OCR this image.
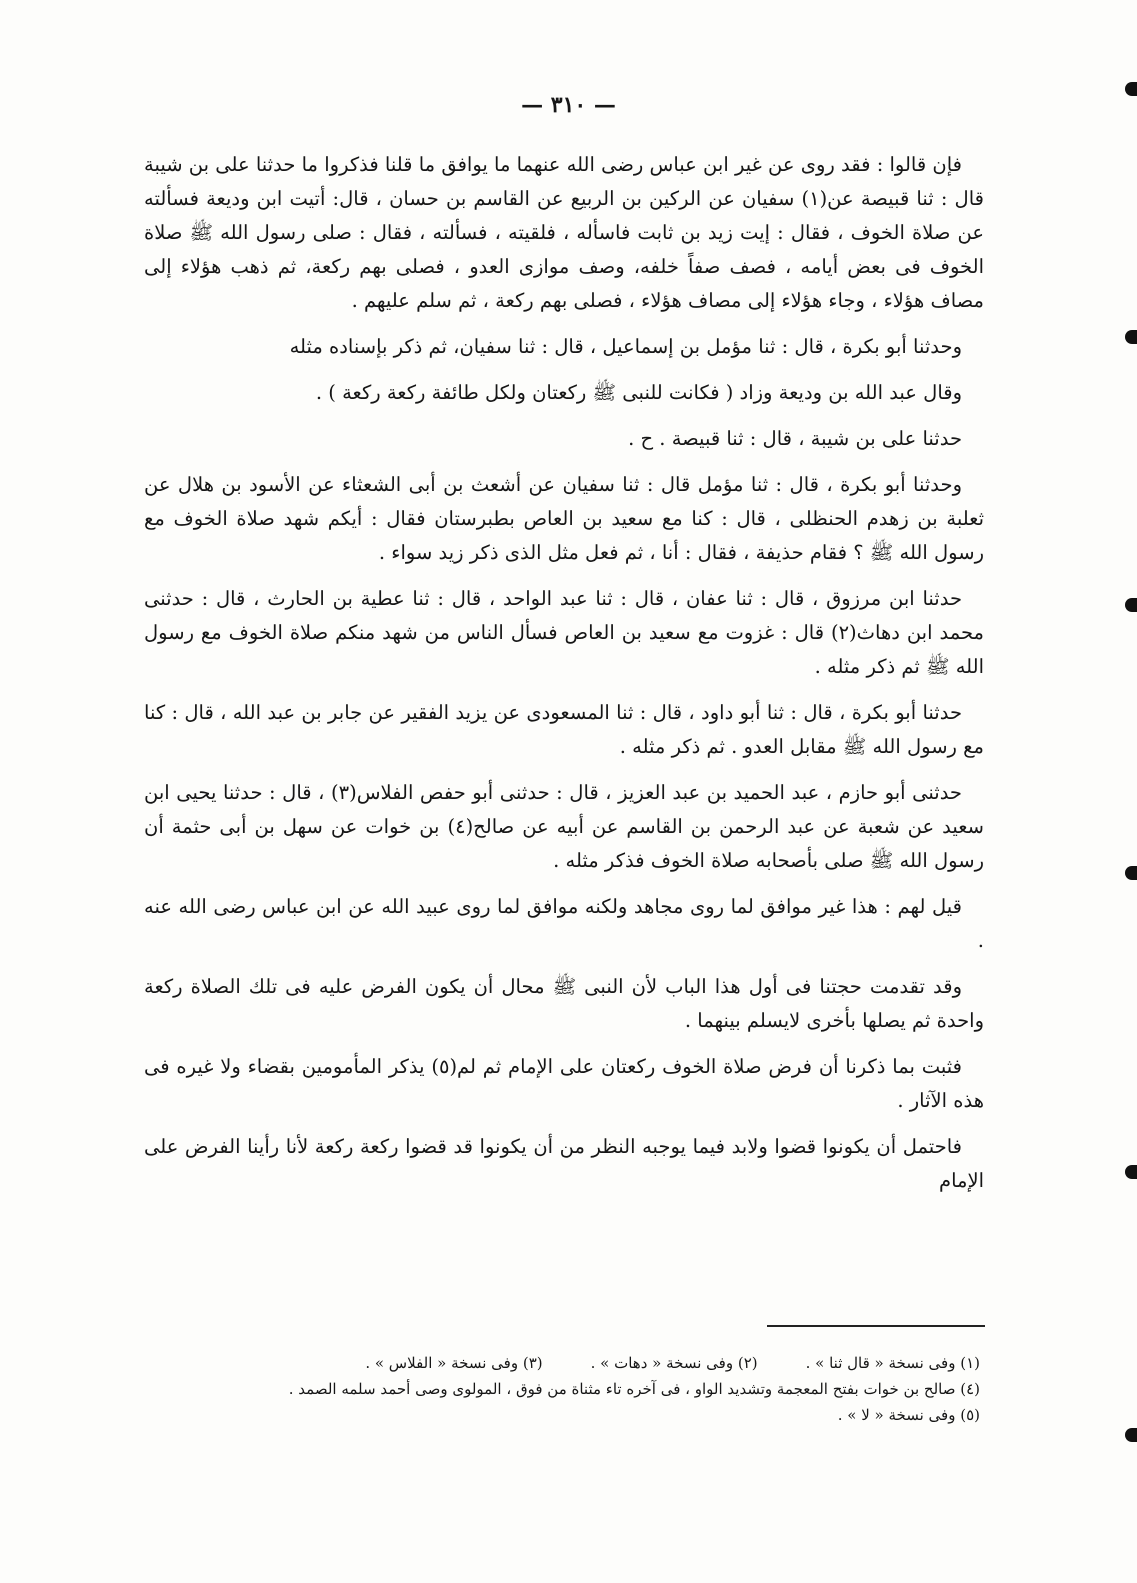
— ٣١٠ —

فإن قالوا : فقد روى عن غير ابن عباس رضى الله عنهما ما يوافق ما قلنا فذكروا ما حدثنا على بن شيبة قال : ثنا قبيصة عن(١) سفيان عن الركين بن الربيع عن القاسم بن حسان ، قال: أتيت ابن وديعة فسألته عن صلاة الخوف ، فقال : إيت زيد بن ثابت فاسأله ، فلقيته ، فسألته ، فقال : صلى رسول الله ﷺ صلاة الخوف فى بعض أيامه ، فصف صفاً خلفه، وصف موازى العدو ، فصلى بهم ركعة، ثم ذهب هؤلاء إلى مصاف هؤلاء ، وجاء هؤلاء إلى مصاف هؤلاء ، فصلى بهم ركعة ، ثم سلم عليهم .

وحدثنا أبو بكرة ، قال : ثنا مؤمل بن إسماعيل ، قال : ثنا سفيان، ثم ذكر بإسناده مثله

وقال عبد الله بن وديعة وزاد ( فكانت للنبى ﷺ ركعتان ولكل طائفة ركعة ركعة ) .

حدثنا على بن شيبة ، قال : ثنا قبيصة . ح .

وحدثنا أبو بكرة ، قال : ثنا مؤمل قال : ثنا سفيان عن أشعث بن أبى الشعثاء عن الأسود بن هلال عن ثعلبة بن زهدم الحنظلى ، قال : كنا مع سعيد بن العاص بطبرستان فقال : أيكم شهد صلاة الخوف مع رسول الله ﷺ ؟ فقام حذيفة ، فقال : أنا ، ثم فعل مثل الذى ذكر زيد سواء .

حدثنا ابن مرزوق ، قال : ثنا عفان ، قال : ثنا عبد الواحد ، قال : ثنا عطية بن الحارث ، قال : حدثنى محمد ابن دهاث(٢) قال : غزوت مع سعيد بن العاص فسأل الناس من شهد منكم صلاة الخوف مع رسول الله ﷺ ثم ذكر مثله .

حدثنا أبو بكرة ، قال : ثنا أبو داود ، قال : ثنا المسعودى عن يزيد الفقير عن جابر بن عبد الله ، قال : كنا مع رسول الله ﷺ مقابل العدو . ثم ذكر مثله .

حدثنى أبو حازم ، عبد الحميد بن عبد العزيز ، قال : حدثنى أبو حفص الفلاس(٣) ، قال : حدثنا يحيى ابن سعيد عن شعبة عن عبد الرحمن بن القاسم عن أبيه عن صالح(٤) بن خوات عن سهل بن أبى حثمة أن رسول الله ﷺ صلى بأصحابه صلاة الخوف فذكر مثله .

قيل لهم : هذا غير موافق لما روى مجاهد ولكنه موافق لما روى عبيد الله عن ابن عباس رضى الله عنه .

وقد تقدمت حجتنا فى أول هذا الباب لأن النبى ﷺ محال أن يكون الفرض عليه فى تلك الصلاة ركعة واحدة ثم يصلها بأخرى لايسلم بينهما .

فثبت بما ذكرنا أن فرض صلاة الخوف ركعتان على الإمام ثم لم(٥) يذكر المأمومين بقضاء ولا غيره فى هذه الآثار .

فاحتمل أن يكونوا قضوا ولابد فيما يوجبه النظر من أن يكونوا قد قضوا ركعة ركعة لأنا رأينا الفرض على الإمام

(١) وفى نسخة « قال ثنا » .
(٢) وفى نسخة « دهات » .
(٣) وفى نسخة « الفلاس » .
(٤) صالح بن خوات بفتح المعجمة وتشديد الواو ، فى آخره تاء مثناة من فوق ، المولوى وصى أحمد سلمه الصمد .
(٥) وفى نسخة « لا » .
